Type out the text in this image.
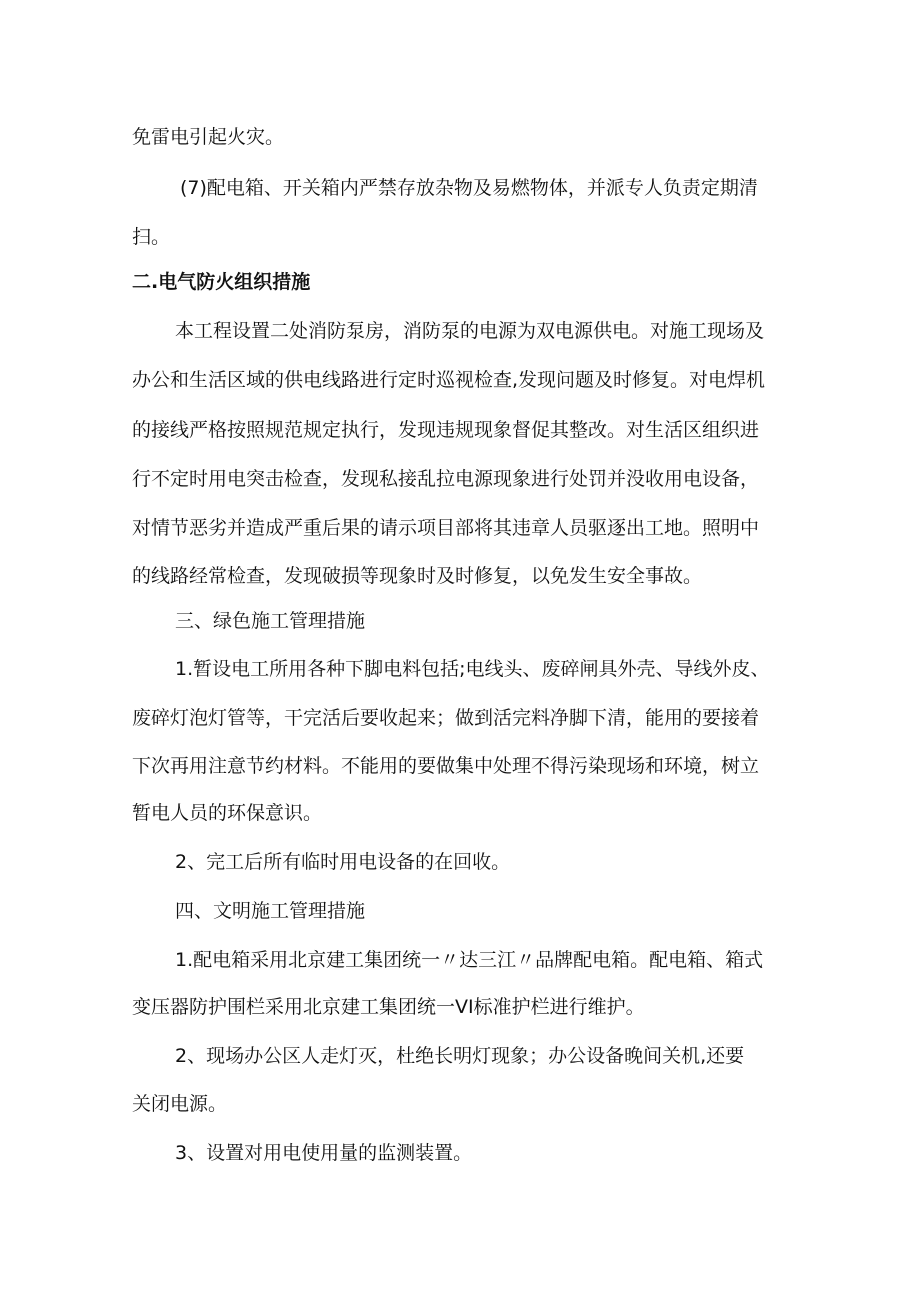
免雷电引起火灾。
(7)配电箱、开关箱内严禁存放杂物及易燃物体，并派专人负责定期清
扫。
二.电气防火组织措施
本工程设置二处消防泵房，消防泵的电源为双电源供电。对施工现场及
办公和生活区域的供电线路进行定时巡视检查,发现问题及时修复。对电焊机
的接线严格按照规范规定执行，发现违规现象督促其整改。对生活区组织进
行不定时用电突击检查，发现私接乱拉电源现象进行处罚并没收用电设备，
对情节恶劣并造成严重后果的请示项目部将其违章人员驱逐出工地。照明中
的线路经常检查，发现破损等现象时及时修复，以免发生安全事故。
三、绿色施工管理措施
1.暂设电工所用各种下脚电料包括;电线头、废碎闸具外壳、导线外皮、
废碎灯泡灯管等，干完活后要收起来；做到活完料净脚下清，能用的要接着
下次再用注意节约材料。不能用的要做集中处理不得污染现场和环境，树立
暂电人员的环保意识。
2、完工后所有临时用电设备的在回收。
四、文明施工管理措施
1.配电箱采用北京建工集团统一〃达三江〃品牌配电箱。配电箱、箱式
变压器防护围栏采用北京建工集团统一VI标准护栏进行维护。
2、现场办公区人走灯灭，杜绝长明灯现象；办公设备晚间关机,还要
关闭电源。
3、设置对用电使用量的监测装置。
